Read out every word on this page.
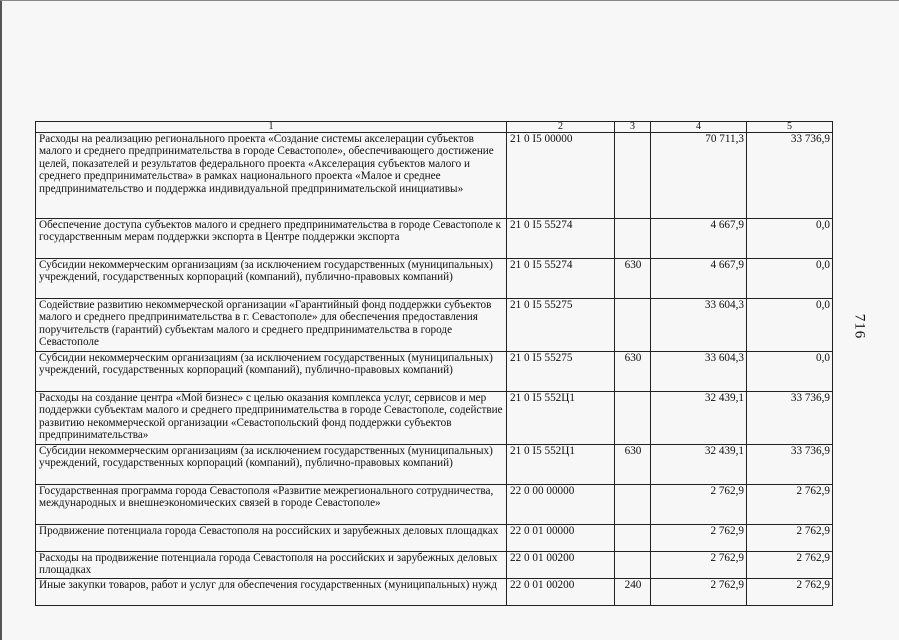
1	2	3	4	5
Расходы на реализацию регионального проекта «Создание системы акселерации субъектов малого и среднего предпринимательства в городе Севастополе», обеспечивающего достижение целей, показателей и результатов федерального проекта «Акселерация субъектов малого и среднего предпринимательства» в рамках национального проекта «Малое и среднее предпринимательство и поддержка индивидуальной предпринимательской инициативы»	21 0 I5 00000		70 711,3	33 736,9
Обеспечение доступа субъектов малого и среднего предпринимательства в городе Севастополе к государственным мерам поддержки экспорта в Центре поддержки экспорта	21 0 I5 55274		4 667,9	0,0
Субсидии некоммерческим организациям (за исключением государственных (муниципальных) учреждений, государственных корпораций (компаний), публично-правовых компаний)	21 0 I5 55274	630	4 667,9	0,0
Содействие развитию некоммерческой организации «Гарантийный фонд поддержки субъектов малого и среднего предпринимательства в г. Севастополе» для обеспечения предоставления поручительств (гарантий) субъектам малого и среднего предпринимательства в городе Севастополе	21 0 I5 55275		33 604,3	0,0
Субсидии некоммерческим организациям (за исключением государственных (муниципальных) учреждений, государственных корпораций (компаний), публично-правовых компаний)	21 0 I5 55275	630	33 604,3	0,0
Расходы на создание центра «Мой бизнес» с целью оказания комплекса услуг, сервисов и мер поддержки субъектам малого и среднего предпринимательства в городе Севастополе, содействие развитию некоммерческой организации «Севастопольский фонд поддержки субъектов предпринимательства»	21 0 I5 552Ц1		32 439,1	33 736,9
Субсидии некоммерческим организациям (за исключением государственных (муниципальных) учреждений, государственных корпораций (компаний), публично-правовых компаний)	21 0 I5 552Ц1	630	32 439,1	33 736,9
Государственная программа города Севастополя «Развитие межрегионального сотрудничества, международных и внешнеэкономических связей в городе Севастополе»	22 0 00 00000		2 762,9	2 762,9
Продвижение потенциала города Севастополя на российских и зарубежных деловых площадках	22 0 01 00000		2 762,9	2 762,9
Расходы на продвижение потенциала города Севастополя на российских и зарубежных деловых площадках	22 0 01 00200		2 762,9	2 762,9
Иные закупки товаров, работ и услуг для обеспечения государственных (муниципальных) нужд	22 0 01 00200	240	2 762,9	2 762,9
716
